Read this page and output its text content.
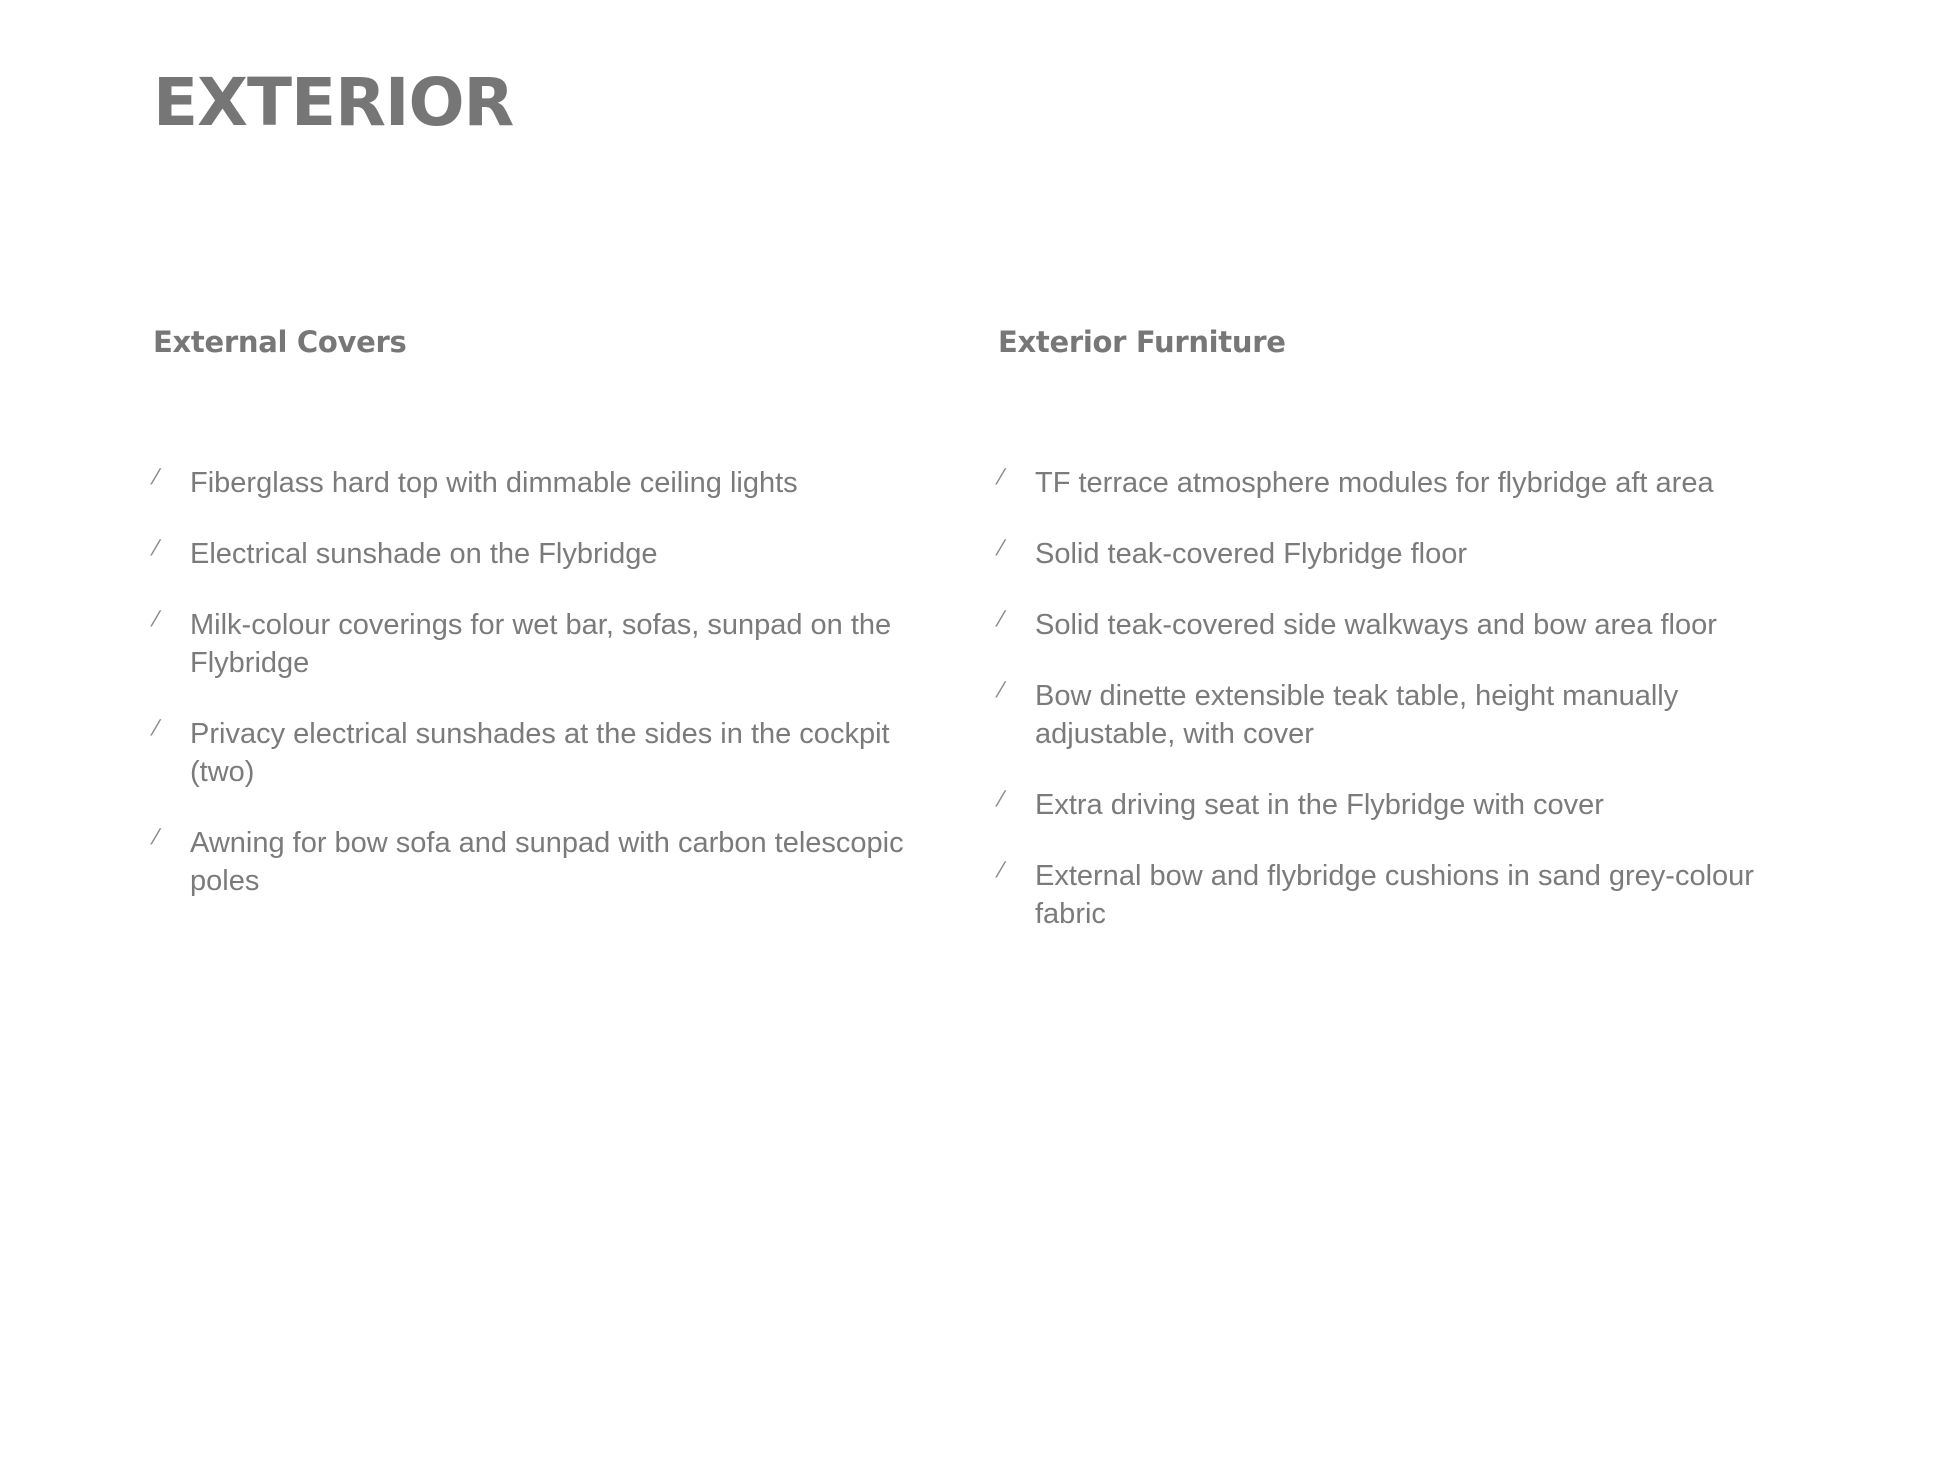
EXTERIOR
External Covers
⁄ Fiberglass hard top with dimmable ceiling lights
⁄ Electrical sunshade on the Flybridge
⁄ Milk-colour coverings for wet bar, sofas, sunpad on the Flybridge
⁄ Privacy electrical sunshades at the sides in the cockpit (two)
⁄ Awning for bow sofa and sunpad with carbon telescopic poles
Exterior Furniture
⁄ TF terrace atmosphere modules for flybridge aft area
⁄ Solid teak-covered Flybridge floor
⁄ Solid teak-covered side walkways and bow area floor
⁄ Bow dinette extensible teak table, height manually adjustable, with cover
⁄ Extra driving seat in the Flybridge with cover
⁄ External bow and flybridge cushions in sand grey-colour fabric
